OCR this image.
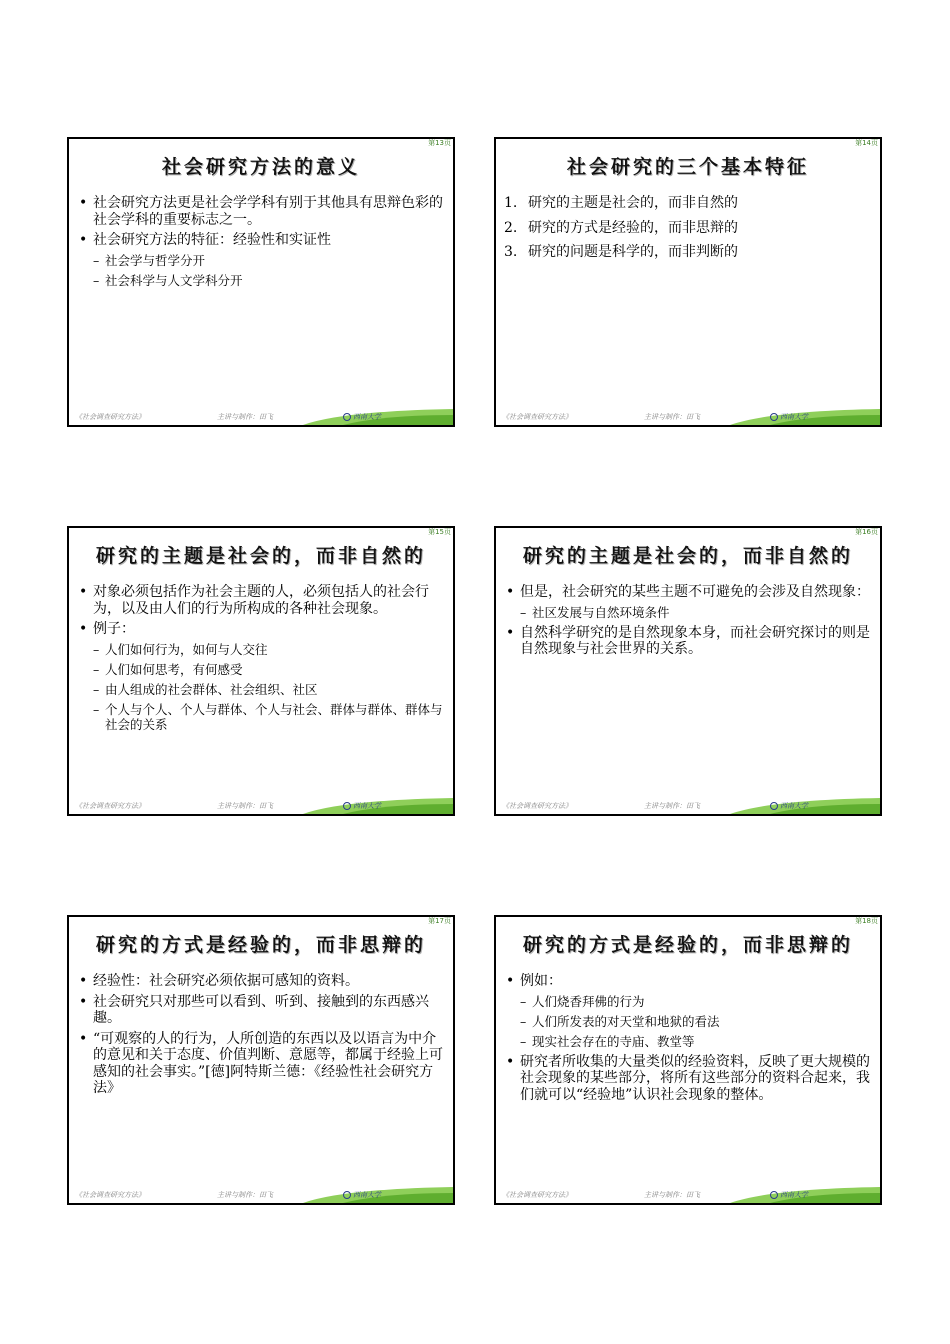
第13页
社会研究方法的意义
• 社会研究方法更是社会学学科有别于其他具有思辩色彩的社会学科的重要标志之一。
• 社会研究方法的特征：经验性和实证性
– 社会学与哲学分开
– 社会科学与人文学科分开
《社会调查研究方法》	主讲与制作：田飞	西南大学
第14页
社会研究的三个基本特征
1. 研究的主题是社会的，而非自然的
2. 研究的方式是经验的，而非思辩的
3. 研究的问题是科学的，而非判断的
《社会调查研究方法》	主讲与制作：田飞	西南大学
第15页
研究的主题是社会的，而非自然的
• 对象必须包括作为社会主题的人，必须包括人的社会行为，以及由人们的行为所构成的各种社会现象。
• 例子：
– 人们如何行为，如何与人交往
– 人们如何思考，有何感受
– 由人组成的社会群体、社会组织、社区
– 个人与个人、个人与群体、个人与社会、群体与群体、群体与社会的关系
《社会调查研究方法》	主讲与制作：田飞	西南大学
第16页
研究的主题是社会的，而非自然的
• 但是，社会研究的某些主题不可避免的会涉及自然现象：
– 社区发展与自然环境条件
• 自然科学研究的是自然现象本身，而社会研究探讨的则是自然现象与社会世界的关系。
《社会调查研究方法》	主讲与制作：田飞	西南大学
第17页
研究的方式是经验的，而非思辩的
• 经验性：社会研究必须依据可感知的资料。
• 社会研究只对那些可以看到、听到、接触到的东西感兴趣。
• “可观察的人的行为，人所创造的东西以及以语言为中介的意见和关于态度、价值判断、意愿等，都属于经验上可感知的社会事实。”[德]阿特斯兰德：《经验性社会研究方法》
《社会调查研究方法》	主讲与制作：田飞	西南大学
第18页
研究的方式是经验的，而非思辩的
• 例如：
– 人们烧香拜佛的行为
– 人们所发表的对天堂和地狱的看法
– 现实社会存在的寺庙、教堂等
• 研究者所收集的大量类似的经验资料，反映了更大规模的社会现象的某些部分，将所有这些部分的资料合起来，我们就可以“经验地”认识社会现象的整体。
《社会调查研究方法》	主讲与制作：田飞	西南大学
